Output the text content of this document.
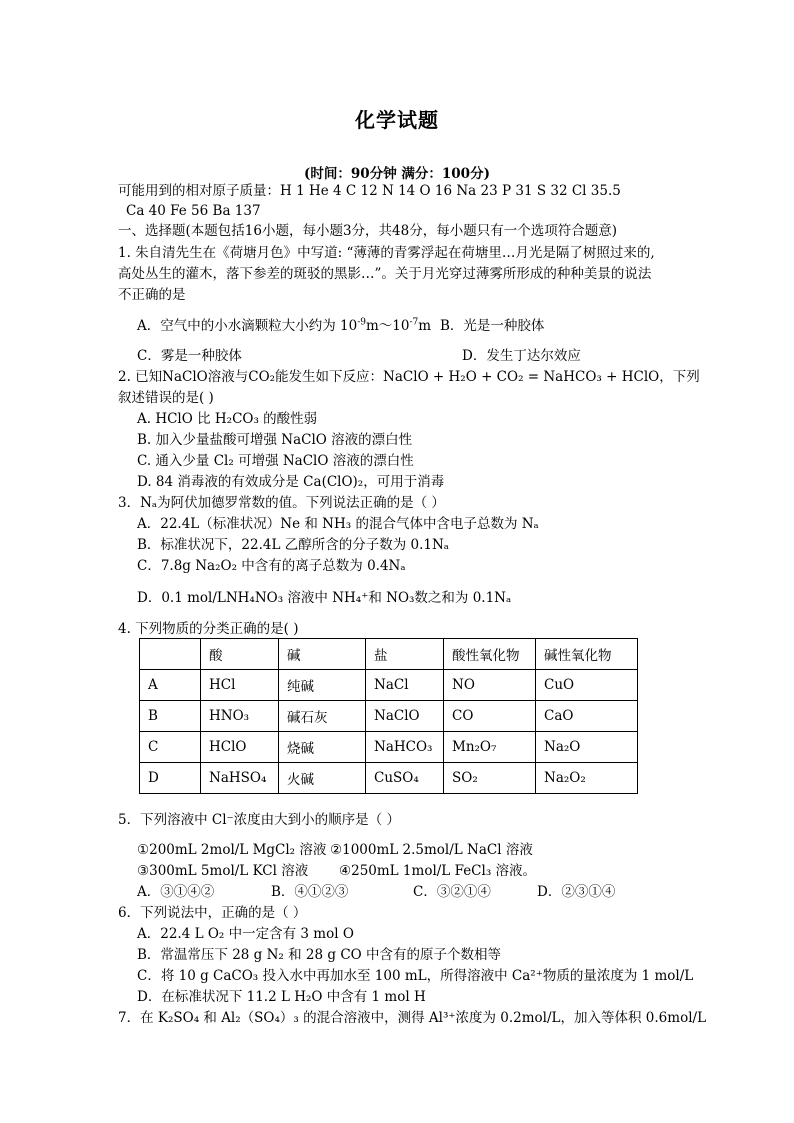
化学试题
(时间：90分钟 满分：100分)
可能用到的相对原子质量：H 1 He 4 C 12 N 14 O 16 Na 23 P 31 S 32 Cl 35.5
Ca 40 Fe 56 Ba 137
一、选择题(本题包括16小题，每小题3分，共48分，每小题只有一个选项符合题意)
1. 朱自清先生在《荷塘月色》中写道: “薄薄的青雾浮起在荷塘里…月光是隔了树照过来的,
高处丛生的灌木，落下参差的斑驳的黑影…”。关于月光穿过薄雾所形成的种种美景的说法
不正确的是
A．空气中的小水滴颗粒大小约为 $10^{-9}m\sim 10^{-7}m$ B．光是一种胶体
C．雾是一种胶体	D．发生丁达尔效应
2. 已知NaClO溶液与CO₂能发生如下反应：NaClO + H₂O + CO₂ = NaHCO₃ + HClO，下列
叙述错误的是( )
A. HClO 比 H₂CO₃ 的酸性弱
B. 加入少量盐酸可增强 NaClO 溶液的漂白性
C. 通入少量 Cl₂ 可增强 NaClO 溶液的漂白性
D. 84 消毒液的有效成分是 Ca(ClO)₂，可用于消毒
3．Nₐ为阿伏加德罗常数的值。下列说法正确的是（ ）
A．22.4L（标准状况）Ne 和 NH₃ 的混合气体中含电子总数为 Nₐ
B．标准状况下，22.4L 乙醇所含的分子数为 0.1Nₐ
C．7.8g Na₂O₂ 中含有的离子总数为 0.4Nₐ
D．0.1 mol/LNH₄NO₃ 溶液中 NH₄⁺和 NO₃数之和为 0.1Nₐ
4. 下列物质的分类正确的是( )
	酸	碱	盐	酸性氧化物	碱性氧化物
A	HCl	纯碱	NaCl	NO	CuO
B	HNO₃	碱石灰	NaClO	CO	CaO
C	HClO	烧碱	NaHCO₃	Mn₂O₇	Na₂O
D	NaHSO₄	火碱	CuSO₄	SO₂	Na₂O₂
5．下列溶液中 Cl⁻浓度由大到小的顺序是（ ）
①200mL 2mol/L MgCl₂ 溶液 ②1000mL 2.5mol/L NaCl 溶液
③300mL 5mol/L KCl 溶液 ④250mL 1mol/L FeCl₃ 溶液。
A．③①④②	B．④①②③	C．③②①④	D．②③①④
6．下列说法中，正确的是（ ）
A．22.4 L O₂ 中一定含有 3 mol O
B．常温常压下 28 g N₂ 和 28 g CO 中含有的原子个数相等
C．将 10 g CaCO₃ 投入水中再加水至 100 mL，所得溶液中 Ca²⁺物质的量浓度为 1 mol/L
D．在标准状况下 11.2 L H₂O 中含有 1 mol H
7．在 K₂SO₄ 和 Al₂（SO₄）₃ 的混合溶液中，测得 Al³⁺浓度为 0.2mol/L，加入等体积 0.6mol/L
